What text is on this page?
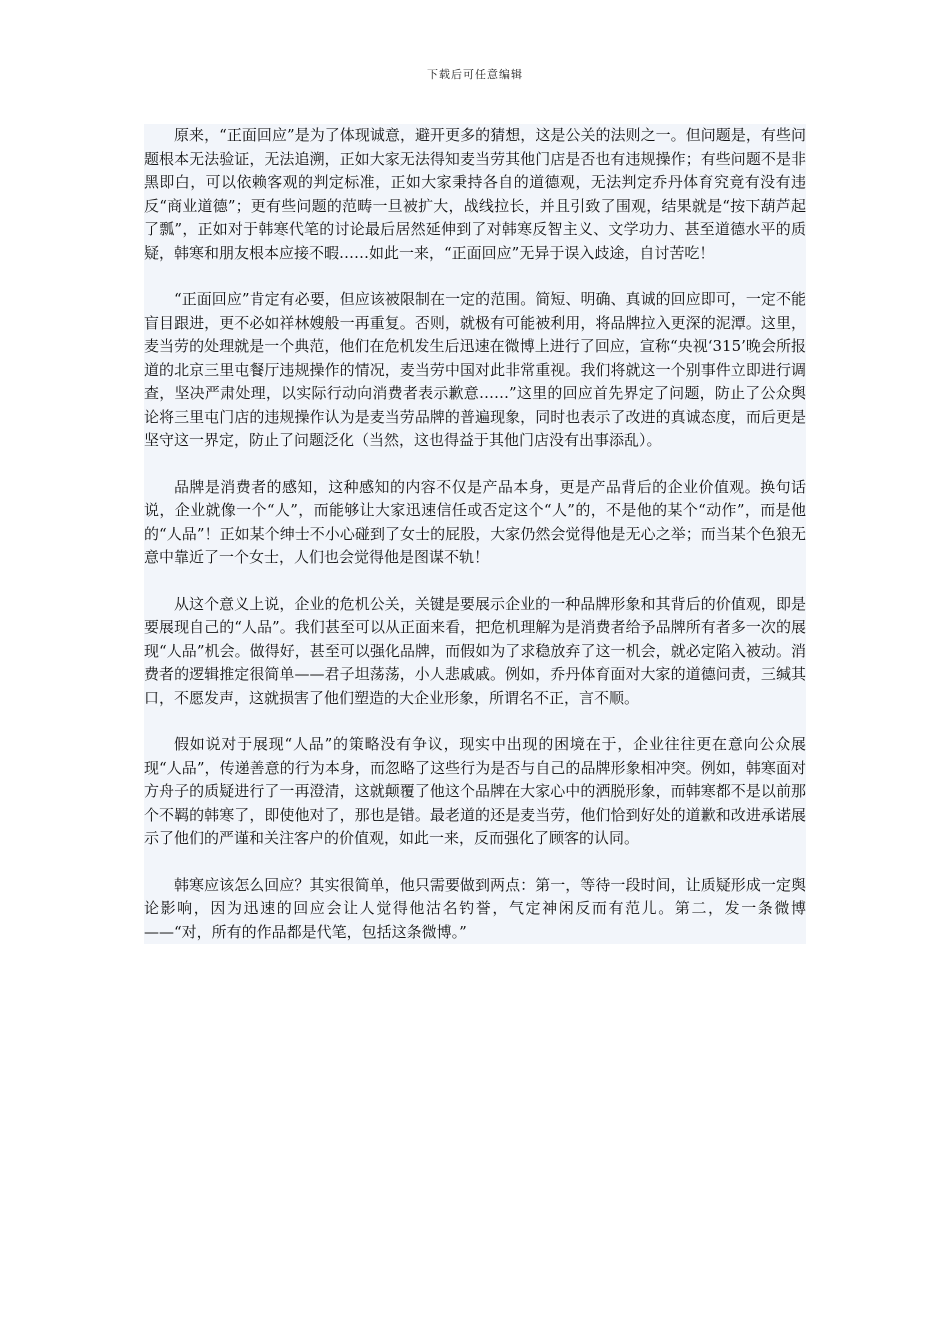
下载后可任意编辑

原来，“正面回应”是为了体现诚意，避开更多的猜想，这是公关的法则之一。但问题是，有些问题根本无法验证，无法追溯，正如大家无法得知麦当劳其他门店是否也有违规操作；有些问题不是非黑即白，可以依赖客观的判定标准，正如大家秉持各自的道德观，无法判定乔丹体育究竟有没有违反“商业道德”；更有些问题的范畴一旦被扩大，战线拉长，并且引致了围观，结果就是“按下葫芦起了瓢”，正如对于韩寒代笔的讨论最后居然延伸到了对韩寒反智主义、文学功力、甚至道德水平的质疑，韩寒和朋友根本应接不暇……如此一来，“正面回应”无异于误入歧途，自讨苦吃！

“正面回应”肯定有必要，但应该被限制在一定的范围。简短、明确、真诚的回应即可，一定不能盲目跟进，更不必如祥林嫂般一再重复。否则，就极有可能被利用，将品牌拉入更深的泥潭。这里，麦当劳的处理就是一个典范，他们在危机发生后迅速在微博上进行了回应，宣称“央视‘315’晚会所报道的北京三里屯餐厅违规操作的情况，麦当劳中国对此非常重视。我们将就这一个别事件立即进行调查，坚决严肃处理，以实际行动向消费者表示歉意……”这里的回应首先界定了问题，防止了公众舆论将三里屯门店的违规操作认为是麦当劳品牌的普遍现象，同时也表示了改进的真诚态度，而后更是坚守这一界定，防止了问题泛化（当然，这也得益于其他门店没有出事添乱）。

品牌是消费者的感知，这种感知的内容不仅是产品本身，更是产品背后的企业价值观。换句话说，企业就像一个“人”，而能够让大家迅速信任或否定这个“人”的，不是他的某个“动作”，而是他的“人品”！正如某个绅士不小心碰到了女士的屁股，大家仍然会觉得他是无心之举；而当某个色狼无意中靠近了一个女士，人们也会觉得他是图谋不轨！

从这个意义上说，企业的危机公关，关键是要展示企业的一种品牌形象和其背后的价值观，即是要展现自己的“人品”。我们甚至可以从正面来看，把危机理解为是消费者给予品牌所有者多一次的展现“人品”机会。做得好，甚至可以强化品牌，而假如为了求稳放弃了这一机会，就必定陷入被动。消费者的逻辑推定很简单——君子坦荡荡，小人悲戚戚。例如，乔丹体育面对大家的道德问责，三缄其口，不愿发声，这就损害了他们塑造的大企业形象，所谓名不正，言不顺。

假如说对于展现“人品”的策略没有争议，现实中出现的困境在于，企业往往更在意向公众展现“人品”，传递善意的行为本身，而忽略了这些行为是否与自己的品牌形象相冲突。例如，韩寒面对方舟子的质疑进行了一再澄清，这就颠覆了他这个品牌在大家心中的洒脱形象，而韩寒都不是以前那个不羁的韩寒了，即使他对了，那也是错。最老道的还是麦当劳，他们恰到好处的道歉和改进承诺展示了他们的严谨和关注客户的价值观，如此一来，反而强化了顾客的认同。

韩寒应该怎么回应？其实很简单，他只需要做到两点：第一，等待一段时间，让质疑形成一定舆论影响，因为迅速的回应会让人觉得他沽名钓誉，气定神闲反而有范儿。第二，发一条微博——“对，所有的作品都是代笔，包括这条微博。”
